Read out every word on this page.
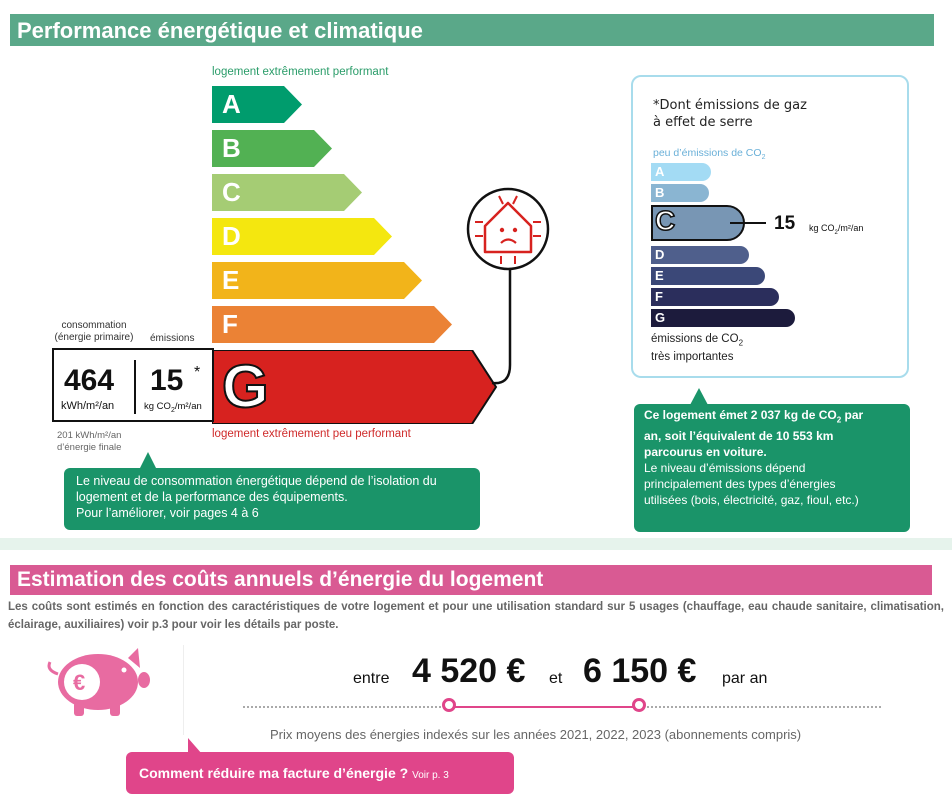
Performance énergétique et climatique
logement extrêmement performant
A
B
C
D
E
F
G
consommation
(énergie primaire) émissions
464
kWh/m²/an
15 *
kg $CO_2/m^2/an$
201 kWh/m²/an
d’énergie finale
logement extrêmement peu performant
Le niveau de consommation énergétique dépend de l’isolation du
logement et de la performance des équipements.
Pour l’améliorer, voir pages 4 à 6
*Dont émissions de gaz
à effet de serre
peu d’émissions de $CO_2$
A
B
C	15 kg $CO_2/m^2/an$
D
E
F
G
émissions de $CO_2$
très importantes
Ce logement émet 2 037 kg de $CO_2$ par
an, soit l’équivalent de 10 553 km
parcourus en voiture.
Le niveau d’émissions dépend
principalement des types d’énergies
utilisées (bois, électricité, gaz, fioul, etc.)
Estimation des coûts annuels d’énergie du logement
Les coûts sont estimés en fonction des caractéristiques de votre logement et pour une utilisation standard sur 5 usages (chauffage, eau chaude sanitaire, climatisation, éclairage, auxiliaires) voir p.3 pour voir les détails par poste.
€	entre 4 520 € et 6 150 € par an
Prix moyens des énergies indexés sur les années 2021, 2022, 2023 (abonnements compris)
Comment réduire ma facture d’énergie ? Voir p. 3
